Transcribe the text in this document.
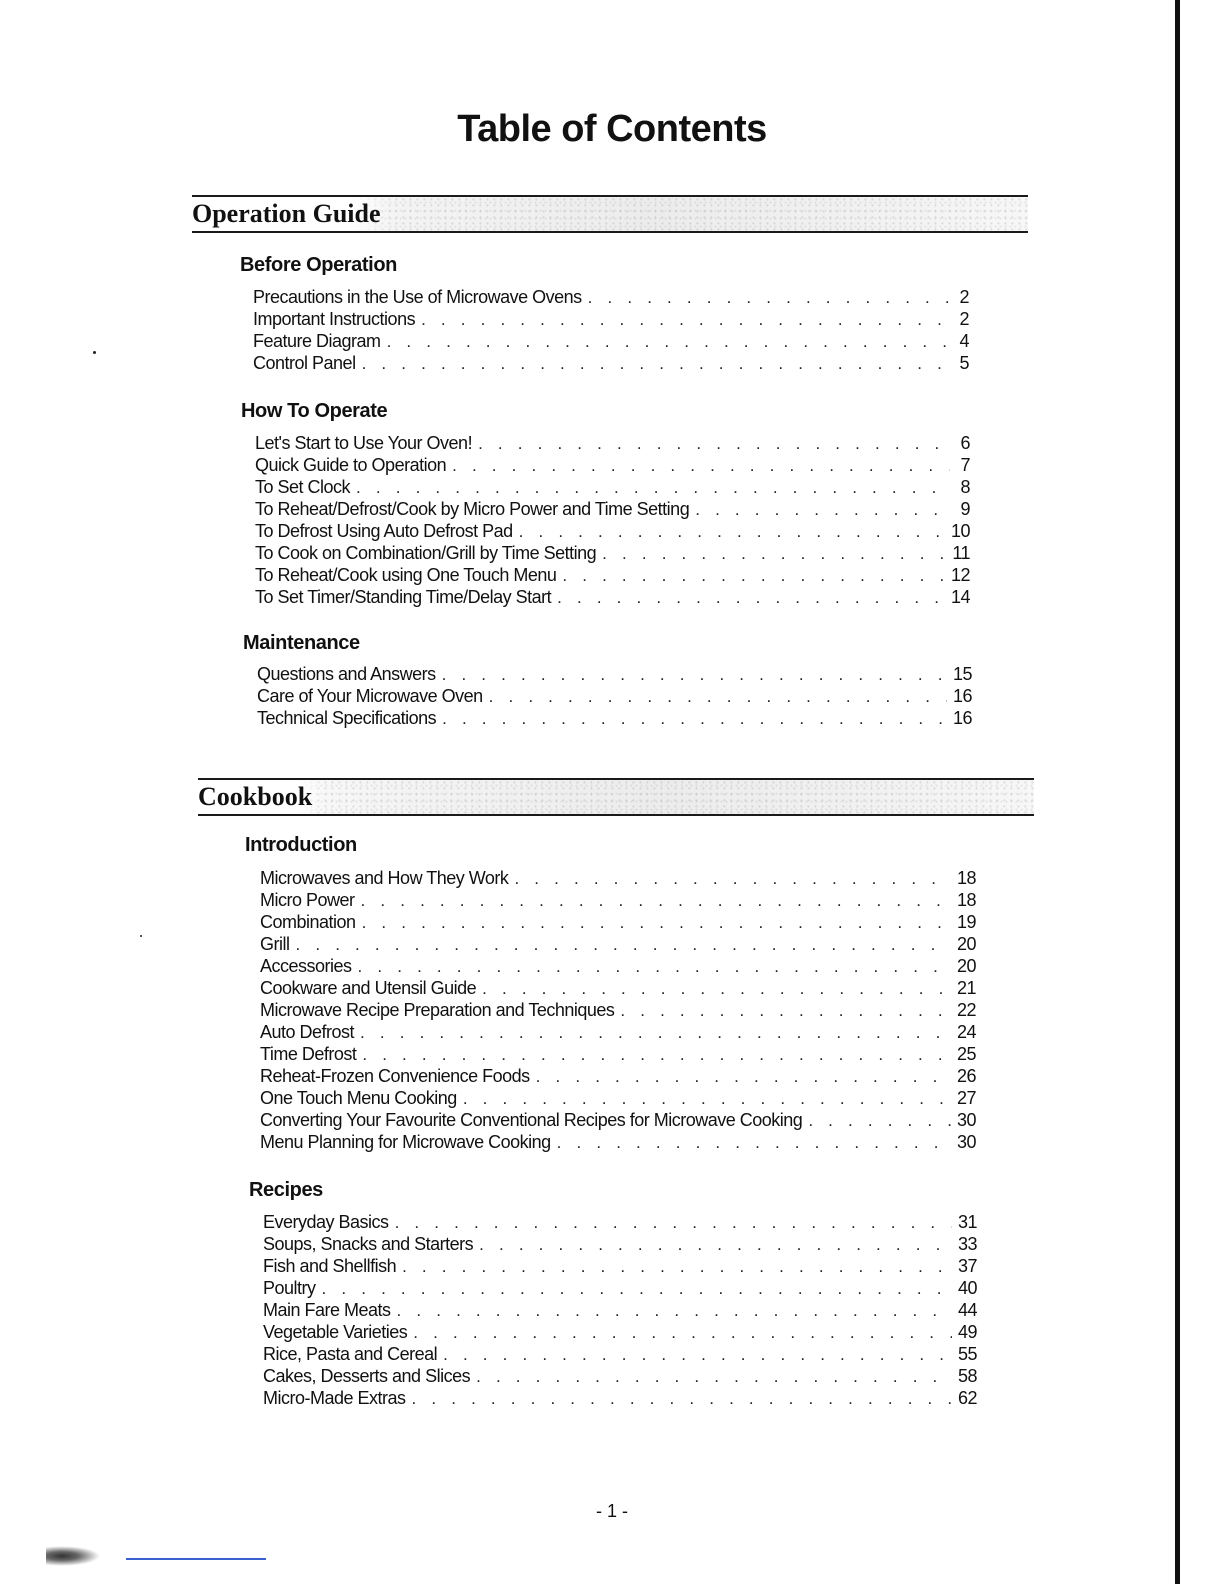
Table of Contents
Operation Guide
Before Operation
Precautions in the Use of Microwave Ovens . . .	2
Important Instructions . . .	2
Feature Diagram . . .	4
Control Panel . . .	5
How To Operate
Let's Start to Use Your Oven! . . .	6
Quick Guide to Operation . . .	7
To Set Clock . . .	8
To Reheat/Defrost/Cook by Micro Power and Time Setting . . .	9
To Defrost Using Auto Defrost Pad . . .	10
To Cook on Combination/Grill by Time Setting . . .	11
To Reheat/Cook using One Touch Menu . . .	12
To Set Timer/Standing Time/Delay Start . . .	14
Maintenance
Questions and Answers . . .	15
Care of Your Microwave Oven . . .	16
Technical Specifications . . .	16
Cookbook
Introduction
Microwaves and How They Work . . .	18
Micro Power . . .	18
Combination . . .	19
Grill . . .	20
Accessories . . .	20
Cookware and Utensil Guide . . .	21
Microwave Recipe Preparation and Techniques . . .	22
Auto Defrost . . .	24
Time Defrost . . .	25
Reheat-Frozen Convenience Foods . . .	26
One Touch Menu Cooking . . .	27
Converting Your Favourite Conventional Recipes for Microwave Cooking . . .	30
Menu Planning for Microwave Cooking . . .	30
Recipes
Everyday Basics . . .	31
Soups, Snacks and Starters . . .	33
Fish and Shellfish . . .	37
Poultry . . .	40
Main Fare Meats . . .	44
Vegetable Varieties . . .	49
Rice, Pasta and Cereal . . .	55
Cakes, Desserts and Slices . . .	58
Micro-Made Extras . . .	62
- 1 -
